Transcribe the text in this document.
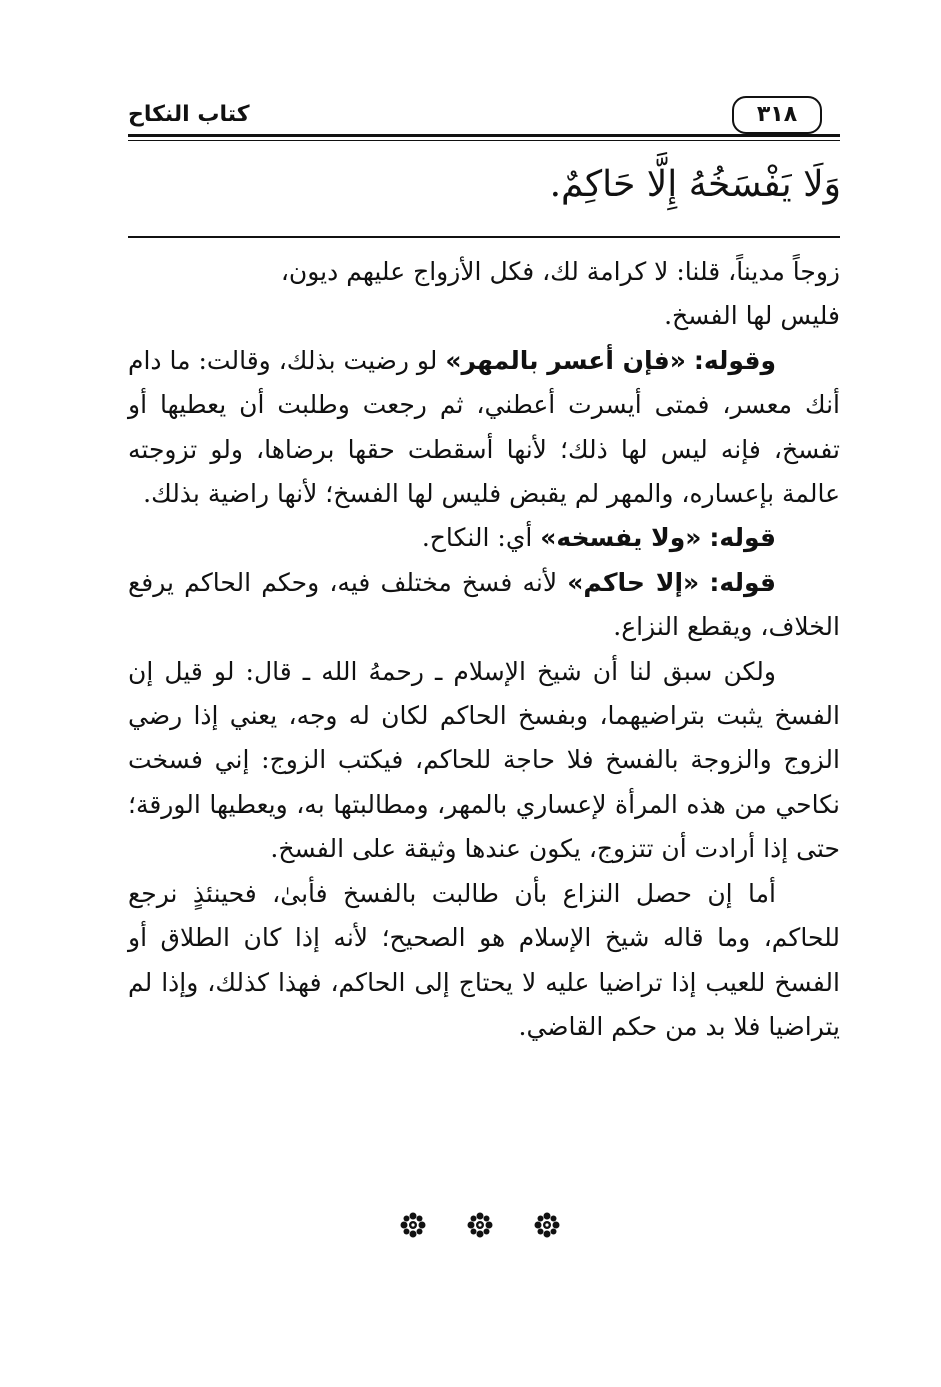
كتاب النكاح	٣١٨
وَلَا يَفْسَخُهُ إِلَّا حَاكِمٌ.

زوجاً مديناً، قلنا: لا كرامة لك، فكل الأزواج عليهم ديون،
فليس لها الفسخ.

وقوله: «فإن أعسر بالمهر» لو رضيت بذلك، وقالت: ما دام أنك معسر، فمتى أيسرت أعطني، ثم رجعت وطلبت أن يعطيها أو تفسخ، فإنه ليس لها ذلك؛ لأنها أسقطت حقها برضاها، ولو تزوجته عالمة بإعساره، والمهر لم يقبض فليس لها الفسخ؛ لأنها راضية بذلك.

قوله: «ولا يفسخه» أي: النكاح.

قوله: «إلا حاكم» لأنه فسخ مختلف فيه، وحكم الحاكم يرفع الخلاف، ويقطع النزاع.

ولكن سبق لنا أن شيخ الإسلام ـ رحمهُ الله ـ قال: لو قيل إن الفسخ يثبت بتراضيهما، وبفسخ الحاكم لكان له وجه، يعني إذا رضي الزوج والزوجة بالفسخ فلا حاجة للحاكم، فيكتب الزوج: إني فسخت نكاحي من هذه المرأة لإعساري بالمهر، ومطالبتها به، ويعطيها الورقة؛ حتى إذا أرادت أن تتزوج، يكون عندها وثيقة على الفسخ.

أما إن حصل النزاع بأن طالبت بالفسخ فأبىٰ، فحينئذٍ نرجع للحاكم، وما قاله شيخ الإسلام هو الصحيح؛ لأنه إذا كان الطلاق أو الفسخ للعيب إذا تراضيا عليه لا يحتاج إلى الحاكم، فهذا كذلك، وإذا لم يتراضيا فلا بد من حكم القاضي.
